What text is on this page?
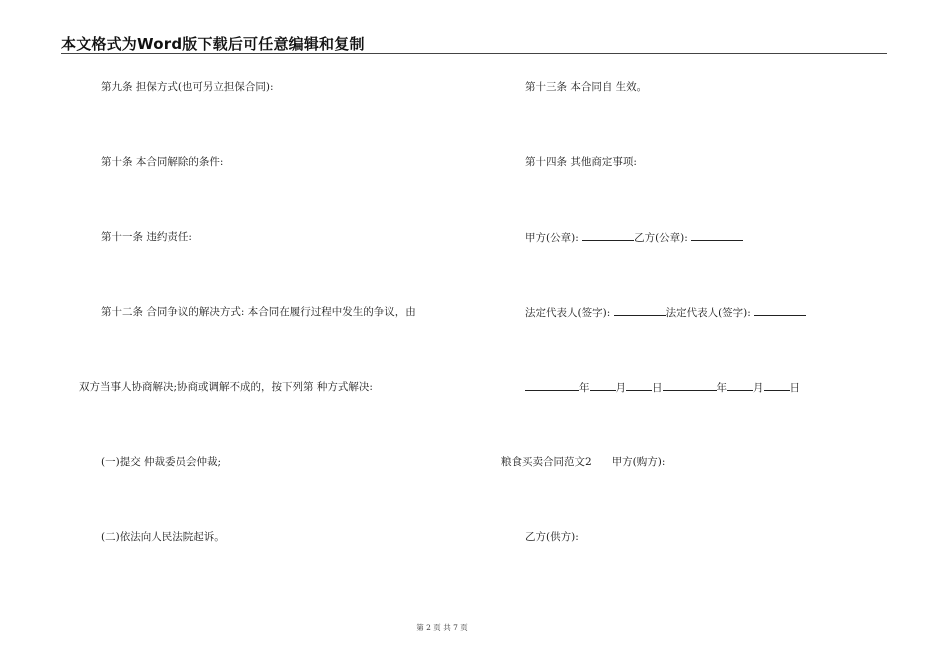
本文格式为Word版下载后可任意编辑和复制
第九条 担保方式(也可另立担保合同):
第十条 本合同解除的条件:
第十一条 违约责任:
第十二条 合同争议的解决方式: 本合同在履行过程中发生的争议，由
双方当事人协商解决;协商或调解不成的，按下列第 种方式解决:
(一)提交 仲裁委员会仲裁;
(二)依法向人民法院起诉。
第十三条 本合同自 生效。
第十四条 其他商定事项:
甲方(公章):	乙方(公章):
法定代表人(签字):	法定代表人(签字):
年 月 日	年 月 日
粮食买卖合同范文2 甲方(购方):
乙方(供方):
第 2 页 共 7 页
